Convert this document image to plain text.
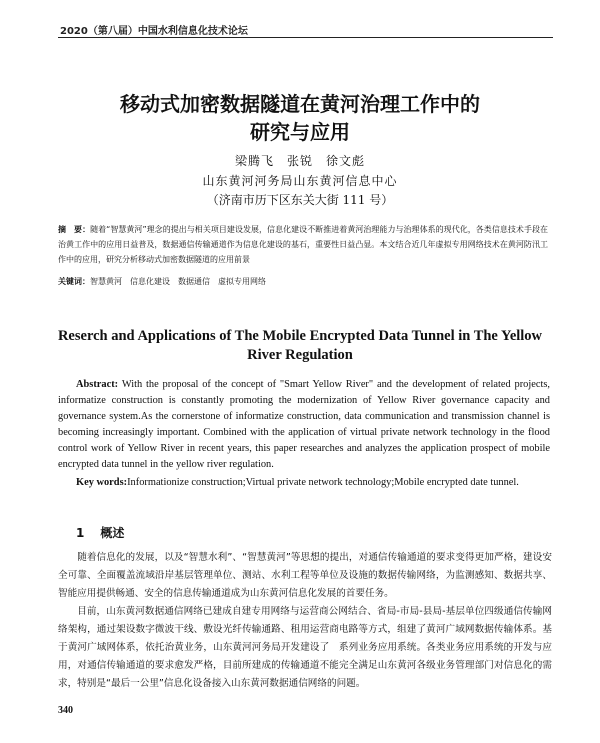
2020（第八届）中国水利信息化技术论坛
移动式加密数据隧道在黄河治理工作中的
研究与应用
梁腾飞　张锐　徐文彪
山东黄河河务局山东黄河信息中心
（济南市历下区东关大街 111 号）
摘　要：随着“智慧黄河”理念的提出与相关项目建设发展，信息化建设不断推进着黄河治理能力与治理体系的现代化，各类信息技术手段在治黄工作中的应用日益普及，数据通信传输通道作为信息化建设的基石，重要性日益凸显。本文结合近几年虚拟专用网络技术在黄河防汛工作中的应用，研究分析移动式加密数据隧道的应用前景
关键词：智慧黄河　信息化建设　数据通信　虚拟专用网络
Reserch and Applications of The Mobile Encrypted Data Tunnel in The Yellow
River Regulation
Abstract: With the proposal of the concept of "Smart Yellow River" and the development of related projects, informatize construction is constantly promoting the modernization of Yellow River governance capacity and governance system.As the cornerstone of informatize construction, data communication and transmission channel is becoming increasingly important. Combined with the application of virtual private network technology in the flood control work of Yellow River in recent years, this paper researches and analyzes the application prospect of mobile encrypted data tunnel in the yellow river regulation.
Key words:Informationize construction;Virtual private network technology;Mobile encrypted date tunnel.
1 概述

随着信息化的发展，以及“智慧水利”、“智慧黄河”等思想的提出，对通信传输通道的要求变得更加严格，建设安全可靠、全面覆盖流域沿岸基层管理单位、测站、水利工程等单位及设施的数据传输网络，为监测感知、数据共享、智能应用提供畅通、安全的信息传输通道成为山东黄河信息化发展的首要任务。

目前，山东黄河数据通信网络已建成自建专用网络与运营商公网结合、省局-市局-县局-基层单位四级通信传输网络架构，通过架设数字微波干线、敷设光纤传输通路、租用运营商电路等方式，组建了黄河广域网数据传输体系。基于黄河广域网体系，依托治黄业务，山东黄河河务局开发建设了　系列业务应用系统。各类业务应用系统的开发与应用，对通信传输通道的要求愈发严格，目前所建成的传输通道不能完全满足山东黄河各级业务管理部门对信息化的需求，特别是“最后一公里”信息化设备接入山东黄河数据通信网络的问题。

340
